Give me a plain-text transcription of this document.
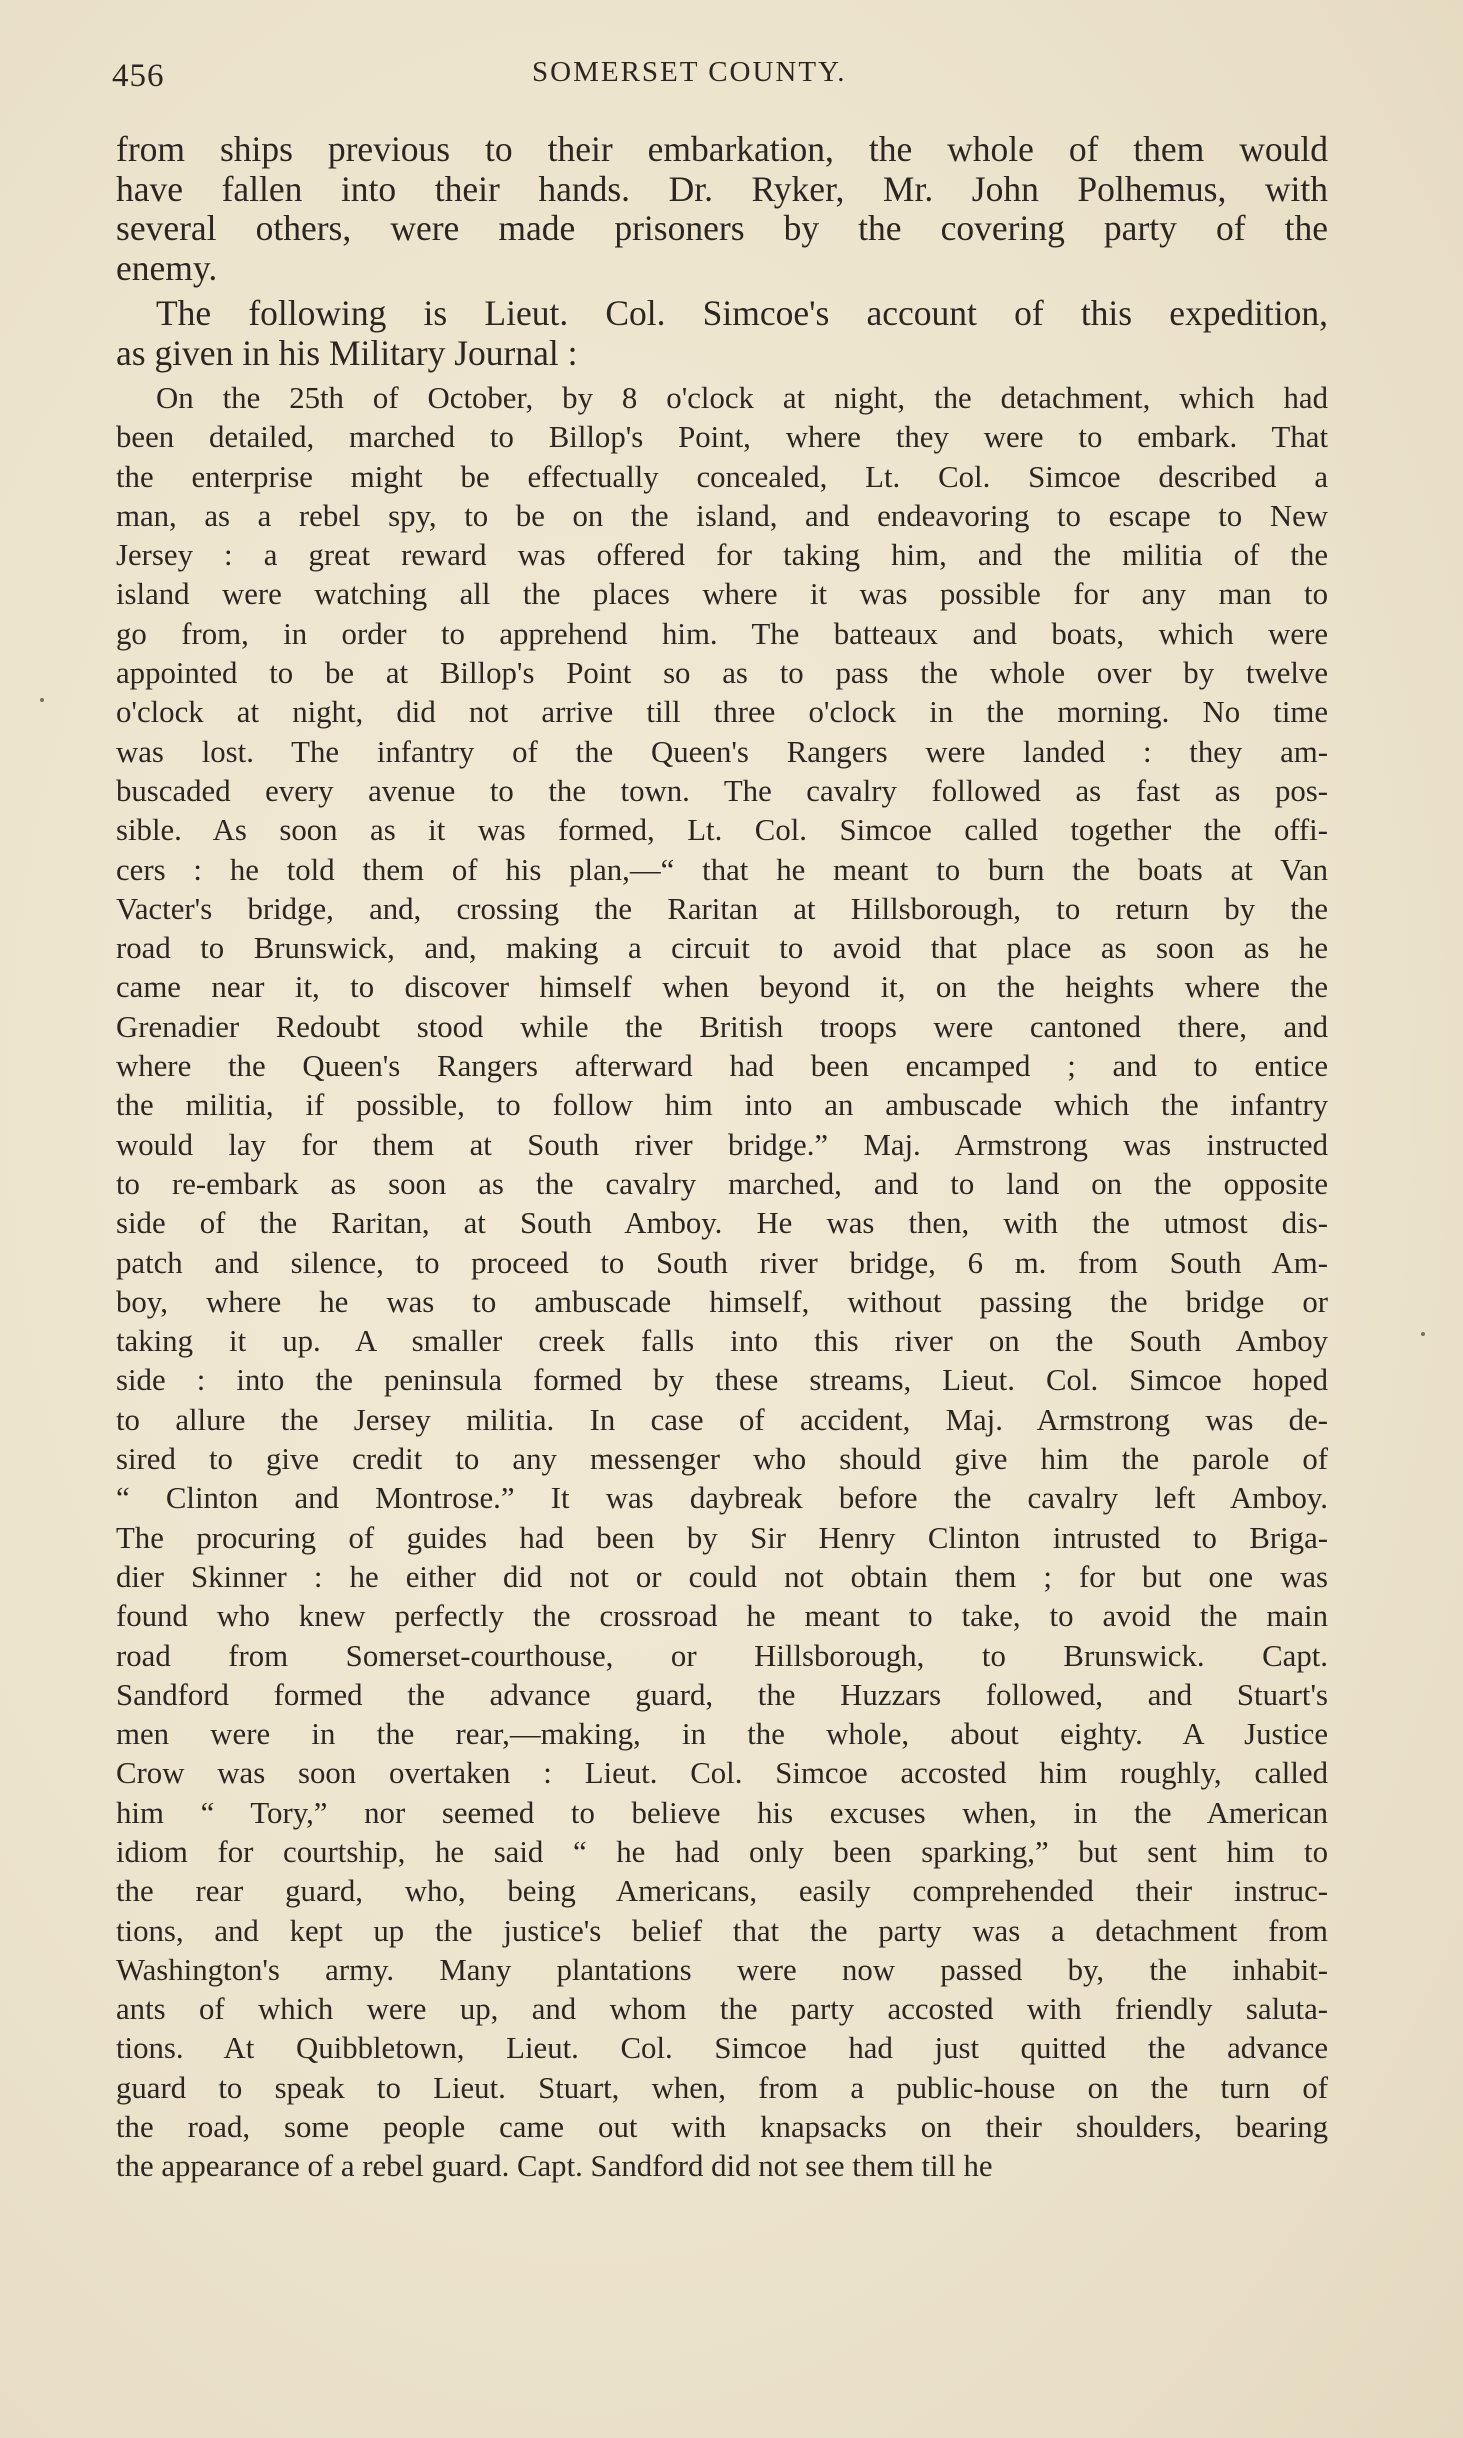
456	SOMERSET COUNTY.

from ships previous to their embarkation, the whole of them would

have fallen into their hands. Dr. Ryker, Mr. John Polhemus, with

several others, were made prisoners by the covering party of the

enemy.

The following is Lieut. Col. Simcoe's account of this expedition,

as given in his Military Journal :

On the 25th of October, by 8 o'clock at night, the detachment, which had

been detailed, marched to Billop's Point, where they were to embark. That

the enterprise might be effectually concealed, Lt. Col. Simcoe described a

man, as a rebel spy, to be on the island, and endeavoring to escape to New

Jersey : a great reward was offered for taking him, and the militia of the

island were watching all the places where it was possible for any man to

go from, in order to apprehend him. The batteaux and boats, which were

appointed to be at Billop's Point so as to pass the whole over by twelve

o'clock at night, did not arrive till three o'clock in the morning. No time

was lost. The infantry of the Queen's Rangers were landed : they am-

buscaded every avenue to the town. The cavalry followed as fast as pos-

sible. As soon as it was formed, Lt. Col. Simcoe called together the offi-

cers : he told them of his plan,—“ that he meant to burn the boats at Van

Vacter's bridge, and, crossing the Raritan at Hillsborough, to return by the

road to Brunswick, and, making a circuit to avoid that place as soon as he

came near it, to discover himself when beyond it, on the heights where the

Grenadier Redoubt stood while the British troops were cantoned there, and

where the Queen's Rangers afterward had been encamped ; and to entice

the militia, if possible, to follow him into an ambuscade which the infantry

would lay for them at South river bridge.” Maj. Armstrong was instructed

to re-embark as soon as the cavalry marched, and to land on the opposite

side of the Raritan, at South Amboy. He was then, with the utmost dis-

patch and silence, to proceed to South river bridge, 6 m. from South Am-

boy, where he was to ambuscade himself, without passing the bridge or

taking it up. A smaller creek falls into this river on the South Amboy

side : into the peninsula formed by these streams, Lieut. Col. Simcoe hoped

to allure the Jersey militia. In case of accident, Maj. Armstrong was de-

sired to give credit to any messenger who should give him the parole of

“ Clinton and Montrose.” It was daybreak before the cavalry left Amboy.

The procuring of guides had been by Sir Henry Clinton intrusted to Briga-

dier Skinner : he either did not or could not obtain them ; for but one was

found who knew perfectly the crossroad he meant to take, to avoid the main

road from Somerset-courthouse, or Hillsborough, to Brunswick. Capt.

Sandford formed the advance guard, the Huzzars followed, and Stuart's

men were in the rear,—making, in the whole, about eighty. A Justice

Crow was soon overtaken : Lieut. Col. Simcoe accosted him roughly, called

him “ Tory,” nor seemed to believe his excuses when, in the American

idiom for courtship, he said “ he had only been sparking,” but sent him to

the rear guard, who, being Americans, easily comprehended their instruc-

tions, and kept up the justice's belief that the party was a detachment from

Washington's army. Many plantations were now passed by, the inhabit-

ants of which were up, and whom the party accosted with friendly saluta-

tions. At Quibbletown, Lieut. Col. Simcoe had just quitted the advance

guard to speak to Lieut. Stuart, when, from a public-house on the turn of

the road, some people came out with knapsacks on their shoulders, bearing

the appearance of a rebel guard. Capt. Sandford did not see them till he
